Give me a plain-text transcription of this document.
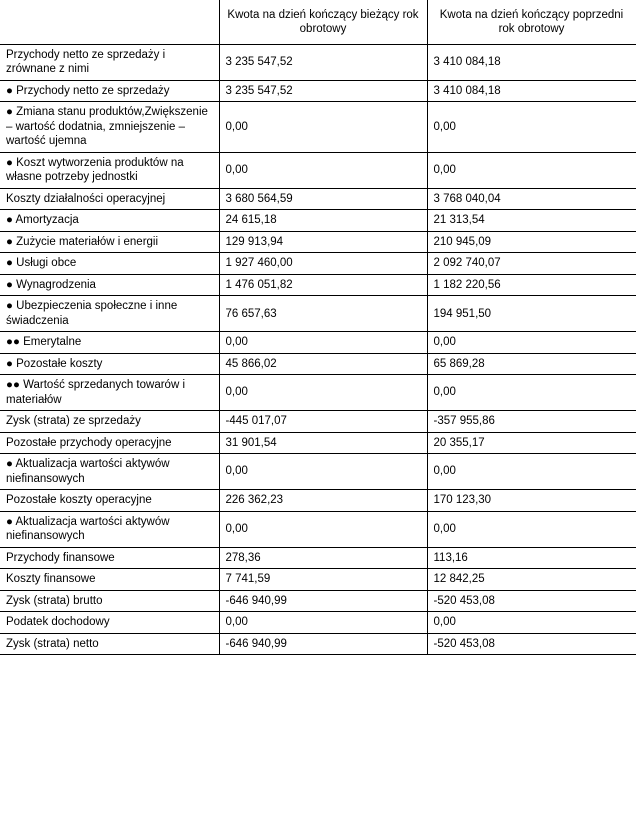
	Kwota na dzień kończący bieżący rok obrotowy	Kwota na dzień kończący poprzedni rok obrotowy
Przychody netto ze sprzedaży i zrównane z nimi	3 235 547,52	3 410 084,18
● Przychody netto ze sprzedaży	3 235 547,52	3 410 084,18
● Zmiana stanu produktów,Zwiększenie – wartość dodatnia, zmniejszenie – wartość ujemna	0,00	0,00
● Koszt wytworzenia produktów na własne potrzeby jednostki	0,00	0,00
Koszty działalności operacyjnej	3 680 564,59	3 768 040,04
● Amortyzacja	24 615,18	21 313,54
● Zużycie materiałów i energii	129 913,94	210 945,09
● Usługi obce	1 927 460,00	2 092 740,07
● Wynagrodzenia	1 476 051,82	1 182 220,56
● Ubezpieczenia społeczne i inne świadczenia	76 657,63	194 951,50
●● Emerytalne	0,00	0,00
● Pozostałe koszty	45 866,02	65 869,28
●● Wartość sprzedanych towarów i materiałów	0,00	0,00
Zysk (strata) ze sprzedaży	-445 017,07	-357 955,86
Pozostałe przychody operacyjne	31 901,54	20 355,17
● Aktualizacja wartości aktywów niefinansowych	0,00	0,00
Pozostałe koszty operacyjne	226 362,23	170 123,30
● Aktualizacja wartości aktywów niefinansowych	0,00	0,00
Przychody finansowe	278,36	113,16
Koszty finansowe	7 741,59	12 842,25
Zysk (strata) brutto	-646 940,99	-520 453,08
Podatek dochodowy	0,00	0,00
Zysk (strata) netto	-646 940,99	-520 453,08
